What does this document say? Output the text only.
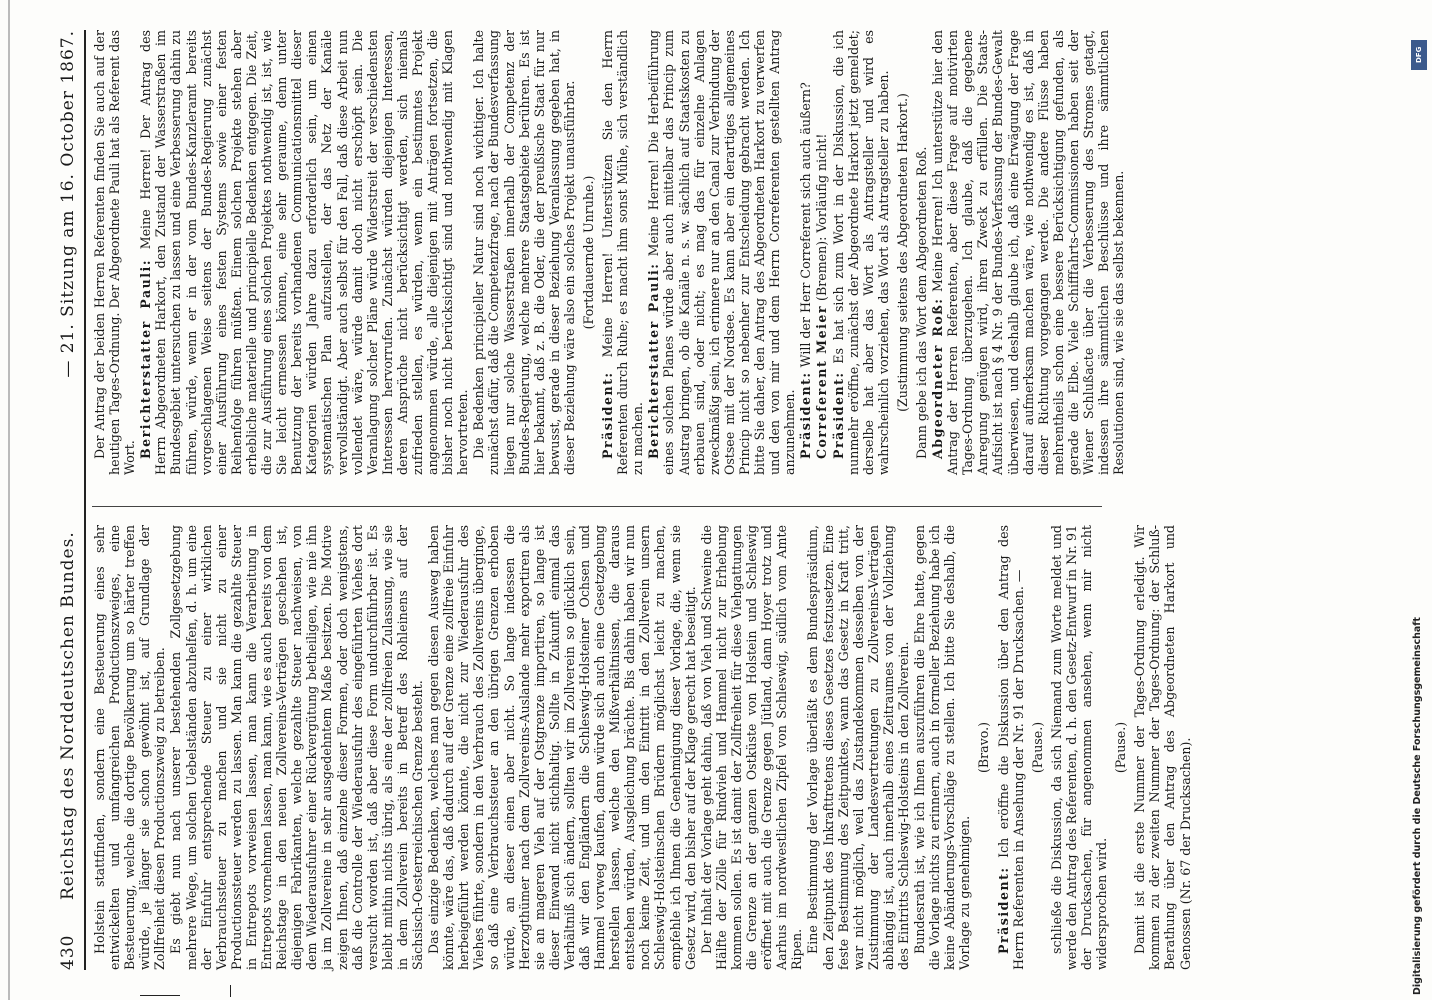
430
Reichstag des Norddeutschen Bundes.
— 21. Sitzung am 16. October 1867.

Holstein stattfinden, sondern eine Besteuerung eines sehr entwickelten und umfangreichen Productionszweiges, eine Besteuerung, welche die dortige Bevölkerung um so härter treffen würde, je länger sie schon gewöhnt ist, auf Grundlage der Zollfreiheit diesen Productionszweig zu betreiben. Es giebt nun nach unserer bestehenden Zollgesetzgebung mehrere Wege, um solchen Uebelständen abzuhelfen, d. h. um eine der Einfuhr entsprechende Steuer zu einer wirklichen Verbrauchssteuer zu machen und sie nicht zu einer Productionssteuer werden zu lassen. Man kann die gezahlte Steuer in Entrepots vorweisen lassen, man kann die Verarbeitung in Entrepots vornehmen lassen, man kann, wie es auch bereits von dem Reichstage in den neuen Zollvereins-Verträgen geschehen ist, diejenigen Fabrikanten, welche gezahlte Steuer nachweisen, von dem Wiederausfuhrer einer Rückvergütung betheiligen, wie nie ihn ja im Zollvereine in sehr ausgedehntem Maße besitzen. Die Motive zeigen Ihnen, daß einzelne dieser Formen, oder doch wenigstens, daß die Controlle der Wiederausfuhr des eingeführten Viehes dort versucht worden ist, daß aber diese Form undurchführbar ist. Es bleibt mithin nichts übrig, als eine der zollfreien Zulassung, wie sie in dem Zollverein bereits in Betreff des Rohleinens auf der Sächsisch-Oesterreichischen Grenze besteht. Das einzige Bedenken, welches man gegen diesen Ausweg haben könnte, wäre das, daß dadurch auf der Grenze eine zollfreie Einfuhr herbeigeführt werden könnte, die nicht zur Wiederausfuhr des Viehes führte, sondern in den Verbrauch des Zollvereins überginge, so daß eine Verbrauchssteuer an den übrigen Grenzen erhoben würde, an dieser einen aber nicht. So lange indessen die Herzogthümer nach dem Zollvereins-Auslande mehr exportiren als sie an mageren Vieh auf der Ostgrenze importiren, so lange ist dieser Einwand nicht stichhaltig. Sollte in Zukunft einmal das Verhältniß sich ändern, sollten wir im Zollverein so glücklich sein, daß wir den Engländern die Schleswig-Holsteiner Ochsen und Hammel vorweg kaufen, dann würde sich auch eine Gesetzgebung herstellen lassen, welche den Mißverhältnissen, die daraus entstehen würden, Ausgleichung brächte. Bis dahin haben wir nun noch keine Zeit, und um den Eintritt in den Zollverein unsern Schleswig-Holsteinschen Brüdern möglichst leicht zu machen, empfehle ich Ihnen die Genehmigung dieser Vorlage, die, wenn sie Gesetz wird, den bisher auf der Klage gerecht hat beseitigt. Der Inhalt der Vorlage geht dahin, daß von Vieh und Schweine die Hälfte der Zölle für Rindvieh und Hammel nicht zur Erhebung kommen sollen. Es ist damit der Zollfreiheit für diese Viehgattungen die Grenze an der ganzen Ostküste von Holstein und Schleswig eröffnet mit auch die Grenze gegen Jütland, dann Hoyer trotz und Aarhus im nordwestlichen Zipfel von Schleswig, südlich vom Amte Ripen. Eine Bestimmung der Vorlage überläßt es dem Bundespräsidium, den Zeitpunkt des Inkrafttretens dieses Gesetzes festzusetzen. Eine feste Bestimmung des Zeitpunktes, wann das Gesetz in Kraft tritt, war nicht möglich, weil das Zustandekommen desselben von der Zustimmung der Landesvertretungen zu Zollvereins-Verträgen abhängig ist, auch innerhalb eines Zeitraumes von der Vollziehung des Eintritts Schleswig-Holsteins in den Zollverein. Bundesrath ist, wie ich Ihnen auszuführen die Ehre hatte, gegen die Vorlage nichts zu erinnern, auch in formeller Beziehung habe ich keine Abänderungs-Vorschläge zu stellen. Ich bitte Sie deshalb, die Vorlage zu genehmigen.

(Bravo.)

Präsident: Ich eröffne die Diskussion über den Antrag des Herrn Referenten in Ansehung der Nr. 91 der Drucksachen. — (Pause.) schließe die Diskussion, da sich Niemand zum Worte meldet und werde den Antrag des Referenten, d. h. den Gesetz-Entwurf in Nr. 91 der Drucksachen, für angenommen ansehen, wenn mir nicht widersprochen wird.

(Pause.) Damit ist die erste Nummer der Tages-Ordnung erledigt. Wir kommen zu der zweiten Nummer der Tages-Ordnung: der Schluß-Berathung über den Antrag des Abgeordneten Harkort und Genossen (Nr. 67 der Drucksachen).

Der Antrag der beiden Herren Referenten finden Sie auch auf der heutigen Tages-Ordnung. Der Abgeordnete Pauli hat als Referent das Wort. Berichterstatter Pauli: Meine Herren! Der Antrag des Herrn Abgeordneten Harkort, den Zustand der Wasserstraßen im Bundesgebiet untersuchen zu lassen und eine Verbesserung dahin zu führen, würde, wenn er in der vom Bundes-Kanzleramt bereits vorgeschlagenen Weise seitens der Bundes-Regierung zunächst einer Ausführung eines festen Systems sowie einer festen Reihenfolge führen müßten. Einem solchen Projekte stehen aber erhebliche materielle und principielle Bedenken entgegen. Die Zeit, die zur Ausführung eines solchen Projektes nothwendig ist, ist, wie Sie leicht ermessen können, eine sehr geraume, denn unter Benutzung der bereits vorhandenen Communicationsmittel dieser Kategorien würden Jahre dazu erforderlich sein, um einen systematischen Plan aufzustellen, der das Netz der Kanäle vervollständigt. Aber auch selbst für den Fall, daß diese Arbeit nun vollendet wäre, würde damit doch nicht erschöpft sein. Die Veranlagung solcher Pläne würde Widerstreit der verschiedensten Interessen hervorrufen. Zunächst würden diejenigen Interessen, deren Ansprüche nicht berücksichtigt werden, sich niemals zufrieden stellen, es würden, wenn ein bestimmtes Projekt angenommen würde, alle diejenigen mit Anträgen fortsetzen, die bisher noch nicht berücksichtigt sind und nothwendig mit Klagen hervortreten. Die Bedenken principieller Natur sind noch wichtiger. Ich halte zunächst dafür, daß die Competenzfrage, nach der Bundesverfassung liegen nur solche Wasserstraßen innerhalb der Competenz der Bundes-Regierung, welche mehrere Staatsgebiete berühren. Es ist hier bekannt, daß z. B. die Oder, die der preußische Staat für nur bewusst, gerade in dieser Beziehung Veranlassung gegeben hat, in dieser Beziehung wäre also ein solches Projekt unausführbar. (Fortdauernde Unruhe.)

Präsident: Meine Herren! Unterstützen Sie den Herrn Referenten durch Ruhe; es macht ihm sonst Mühe, sich verständlich zu machen. Berichterstatter Pauli: Meine Herren! Die Herbeiführung eines solchen Planes würde aber auch mittelbar das Princip zum Austrag bringen, ob die Kanäle n. s. w. sächlich auf Staatskosten zu erbauen sind, oder nicht; es mag das für einzelne Anlagen zweckmäßig sein, ich erinnere nur an den Canal zur Verbindung der Ostsee mit der Nordsee. Es kann aber ein derartiges allgemeines Princip nicht so nebenher zur Entscheidung gebracht werden. Ich bitte Sie daher, den Antrag des Abgeordneten Harkort zu verwerfen und den von mir und dem Herrn Correferenten gestellten Antrag anzunehmen. Präsident: Will der Herr Correferent sich auch äußern?

Correferent Meier (Bremen): Vorläufig nicht!

Präsident: Es hat sich zum Wort in der Diskussion, die ich nunmehr eröffne, zunächst der Abgeordnete Harkort jetzt gemeldet; derselbe hat aber das Wort als Antragsteller und wird es wahrscheinlich vorziehen, das Wort als Antragsteller zu haben. (Zustimmung seitens des Abgeordneten Harkort.) Dann gebe ich das Wort dem Abgeordneten Roß. Abgeordneter Roß: Meine Herren! Ich unterstütze hier den Antrag der Herren Referenten, aber diese Frage auf motivirten Tages-Ordnung überzugehen. Ich glaube, daß die gegebene Anregung genügen wird, ihren Zweck zu erfüllen. Die Staats-Aufsicht ist nach § 4 Nr. 9 der Bundes-Verfassung der Bundes-Gewalt überwiesen, und deshalb glaube ich, daß eine Erwägung der Frage darauf aufmerksam machen wäre, wie nothwendig es ist, daß in dieser Richtung vorgegangen werde. Die andere Flüsse haben mehrentheils schon eine bessere Berücksichtigung gefunden, als gerade die Elbe. Viele Schifffahrts-Commissionen haben seit der Wiener Schlußacte über die Verbesserung des Stromes getagt, indessen ihre sämmtlichen Beschlüsse und ihre sämmtlichen Resolutionen sind, wie sie das selbst bekennen.

Digitalisierung gefördert durch die Deutsche Forschungsgemeinschaft
DFG
